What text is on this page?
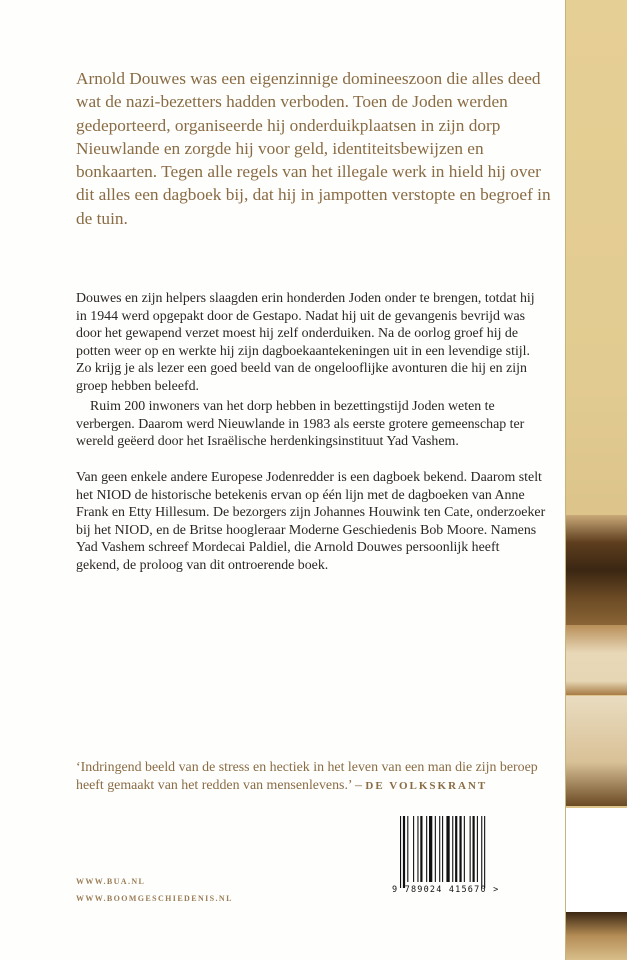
Arnold Douwes was een eigenzinnige domineeszoon die alles deed wat de nazi-bezetters hadden verboden. Toen de Joden werden gedeporteerd, organiseerde hij onderduikplaatsen in zijn dorp Nieuwlande en zorgde hij voor geld, identiteitsbewijzen en bonkaarten. Tegen alle regels van het illegale werk in hield hij over dit alles een dagboek bij, dat hij in jampotten verstopte en begroef in de tuin.

Douwes en zijn helpers slaagden erin honderden Joden onder te brengen, totdat hij in 1944 werd opgepakt door de Gestapo. Nadat hij uit de gevangenis bevrijd was door het gewapend verzet moest hij zelf onderduiken. Na de oorlog groef hij de potten weer op en werkte hij zijn dagboekaantekeningen uit in een levendige stijl. Zo krijg je als lezer een goed beeld van de ongelooflijke avonturen die hij en zijn groep hebben beleefd.

Ruim 200 inwoners van het dorp hebben in bezettingstijd Joden weten te verbergen. Daarom werd Nieuwlande in 1983 als eerste grotere gemeenschap ter wereld geëerd door het Israëlische herdenkingsinstituut Yad Vashem.

Van geen enkele andere Europese Jodenredder is een dagboek bekend. Daarom stelt het NIOD de historische betekenis ervan op één lijn met de dagboeken van Anne Frank en Etty Hillesum. De bezorgers zijn Johannes Houwink ten Cate, onderzoeker bij het NIOD, en de Britse hoogleraar Moderne Geschiedenis Bob Moore. Namens Yad Vashem schreef Mordecai Paldiel, die Arnold Douwes persoonlijk heeft gekend, de proloog van dit ontroerende boek.

‘Indringend beeld van de stress en hectiek in het leven van een man die zijn beroep heeft gemaakt van het redden van mensenlevens.’ – DE VOLKSKRANT

WWW.BUA.NL
WWW.BOOMGESCHIEDENIS.NL
9 789024 415670 >
